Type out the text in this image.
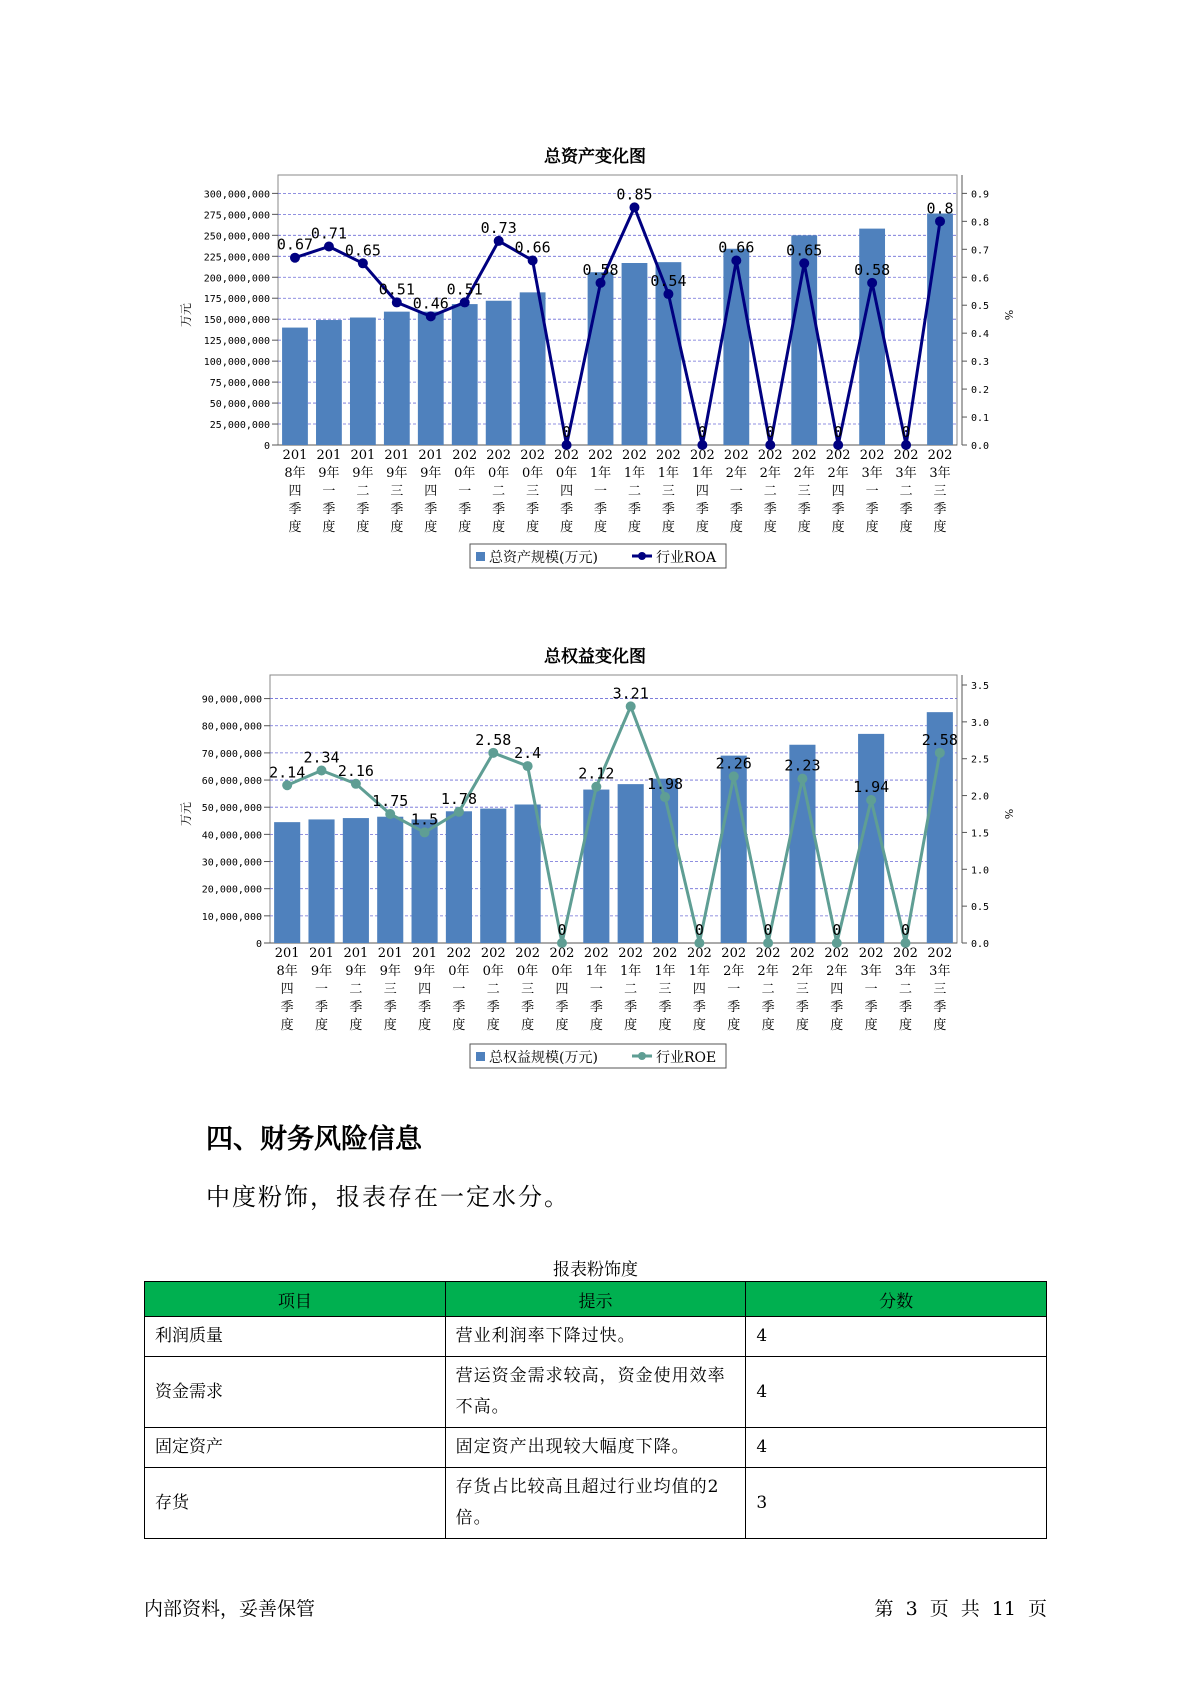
总资产变化图
0
25,000,000
50,000,000
75,000,000
100,000,000
125,000,000
150,000,000
175,000,000
200,000,000
225,000,000
250,000,000
275,000,000
300,000,000
0.0
0.1
0.2
0.3
0.4
0.5
0.6
0.7
0.8
0.9
万元	%
0.67
0.71
0.65
0.51
0.46
0.51
0.73
0.66
0
0.58
0.85
0.54
0
0.66
0
0.65
0
0.58
0
0.8
201
8年
四
季
度
201
9年
一
季
度
201
9年
二
季
度
201
9年
三
季
度
201
9年
四
季
度
202
0年
一
季
度
202
0年
二
季
度
202
0年
三
季
度
202
0年
四
季
度
202
1年
一
季
度
202
1年
二
季
度
202
1年
三
季
度
202
1年
四
季
度
202
2年
一
季
度
202
2年
二
季
度
202
2年
三
季
度
202
2年
四
季
度
202
3年
一
季
度
202
3年
二
季
度
202
3年
三
季
度
总资产规模(万元)	行业ROA
总权益变化图
0
10,000,000
20,000,000
30,000,000
40,000,000
50,000,000
60,000,000
70,000,000
80,000,000
90,000,000
0.0
0.5
1.0
1.5
2.0
2.5
3.0
3.5
万元	%
2.14
2.34
2.16
1.75
1.5
1.78
2.58
2.4
0
2.12
3.21
1.98
0
2.26
0
2.23
0
1.94
0
2.58
201
8年
四
季
度
201
9年
一
季
度
201
9年
二
季
度
201
9年
三
季
度
201
9年
四
季
度
202
0年
一
季
度
202
0年
二
季
度
202
0年
三
季
度
202
0年
四
季
度
202
1年
一
季
度
202
1年
二
季
度
202
1年
三
季
度
202
1年
四
季
度
202
2年
一
季
度
202
2年
二
季
度
202
2年
三
季
度
202
2年
四
季
度
202
3年
一
季
度
202
3年
二
季
度
202
3年
三
季
度
总权益规模(万元)	行业ROE
四、财务风险信息

中度粉饰，报表存在一定水分。

报表粉饰度
项目	提示	分数
利润质量	营业利润率下降过快。	4
资金需求	营运资金需求较高，资金使用效率不高。	4
固定资产	固定资产出现较大幅度下降。	4
存货	存货占比较高且超过行业均值的2倍。	3
内部资料，妥善保管	第 3 页 共 11 页
